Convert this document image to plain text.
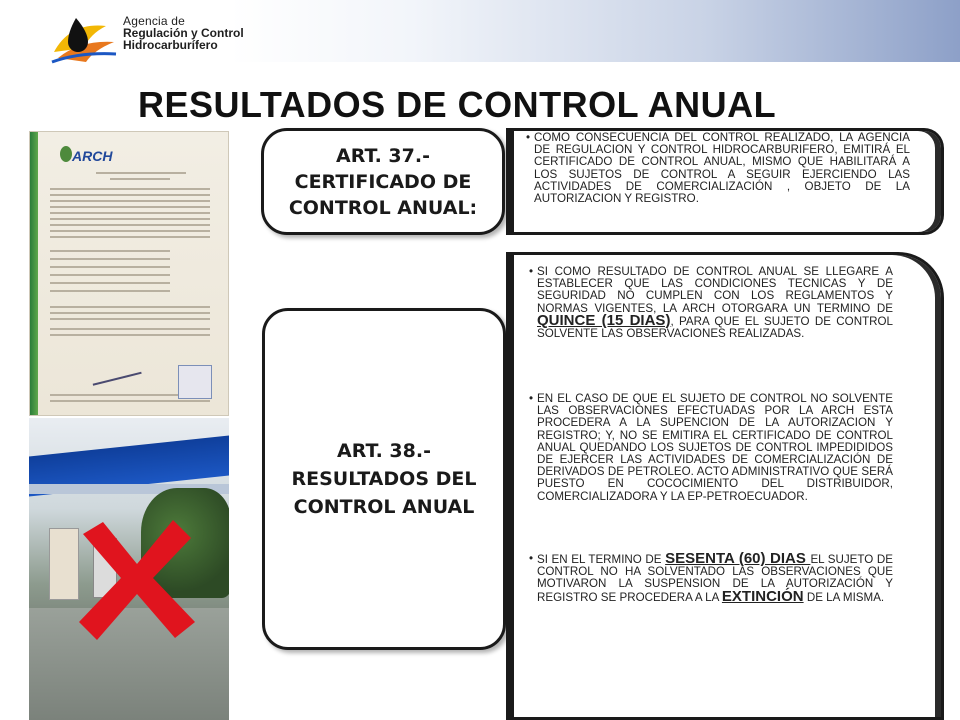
Agencia de
Regulación y Control
Hidrocarburífero
RESULTADOS DE CONTROL ANUAL
ARCH	ART. 37.-
CERTIFICADO DE
CONTROL ANUAL:
ART. 38.-
RESULTADOS DEL
CONTROL ANUAL
• COMO CONSECUENCIA DEL CONTROL REALIZADO, LA AGENCIA DE REGULACION Y CONTROL HIDROCARBURIFERO, EMITIRÁ EL CERTIFICADO DE CONTROL ANUAL, MISMO QUE HABILITARÁ A LOS SUJETOS DE CONTROL A SEGUIR EJERCIENDO LAS ACTIVIDADES DE COMERCIALIZACIÓN , OBJETO DE LA AUTORIZACION Y REGISTRO.
• SI COMO RESULTADO DE CONTROL ANUAL SE LLEGARE A ESTABLECER QUE LAS CONDICIONES TECNICAS Y DE SEGURIDAD NO CUMPLEN CON LOS REGLAMENTOS Y NORMAS VIGENTES, LA ARCH OTORGARA UN TERMINO DE QUINCE (15 DIAS), PARA QUE EL SUJETO DE CONTROL SOLVENTE LAS OBSERVACIONES REALIZADAS.
• EN EL CASO DE QUE EL SUJETO DE CONTROL NO SOLVENTE LAS OBSERVACIONES EFECTUADAS POR LA ARCH ESTA PROCEDERA A LA SUPENCION DE LA AUTORIZACION Y REGISTRO; Y, NO SE EMITIRA EL CERTIFICADO DE CONTROL ANUAL QUEDANDO LOS SUJETOS DE CONTROL IMPEDIDIDOS DE EJERCER LAS ACTIVIDADES DE COMERCIALIZACIÓN DE DERIVADOS DE PETROLEO. ACTO ADMINISTRATIVO QUE SERÁ PUESTO EN COCOCIMIENTO DEL DISTRIBUIDOR, COMERCIALIZADORA Y LA EP-PETROECUADOR.
• SI EN EL TERMINO DE SESENTA (60) DIAS EL SUJETO DE CONTROL NO HA SOLVENTADO LAS OBSERVACIONES QUE MOTIVARON LA SUSPENSION DE LA AUTORIZACIÓN Y REGISTRO SE PROCEDERA A LA EXTINCIÓN DE LA MISMA.
